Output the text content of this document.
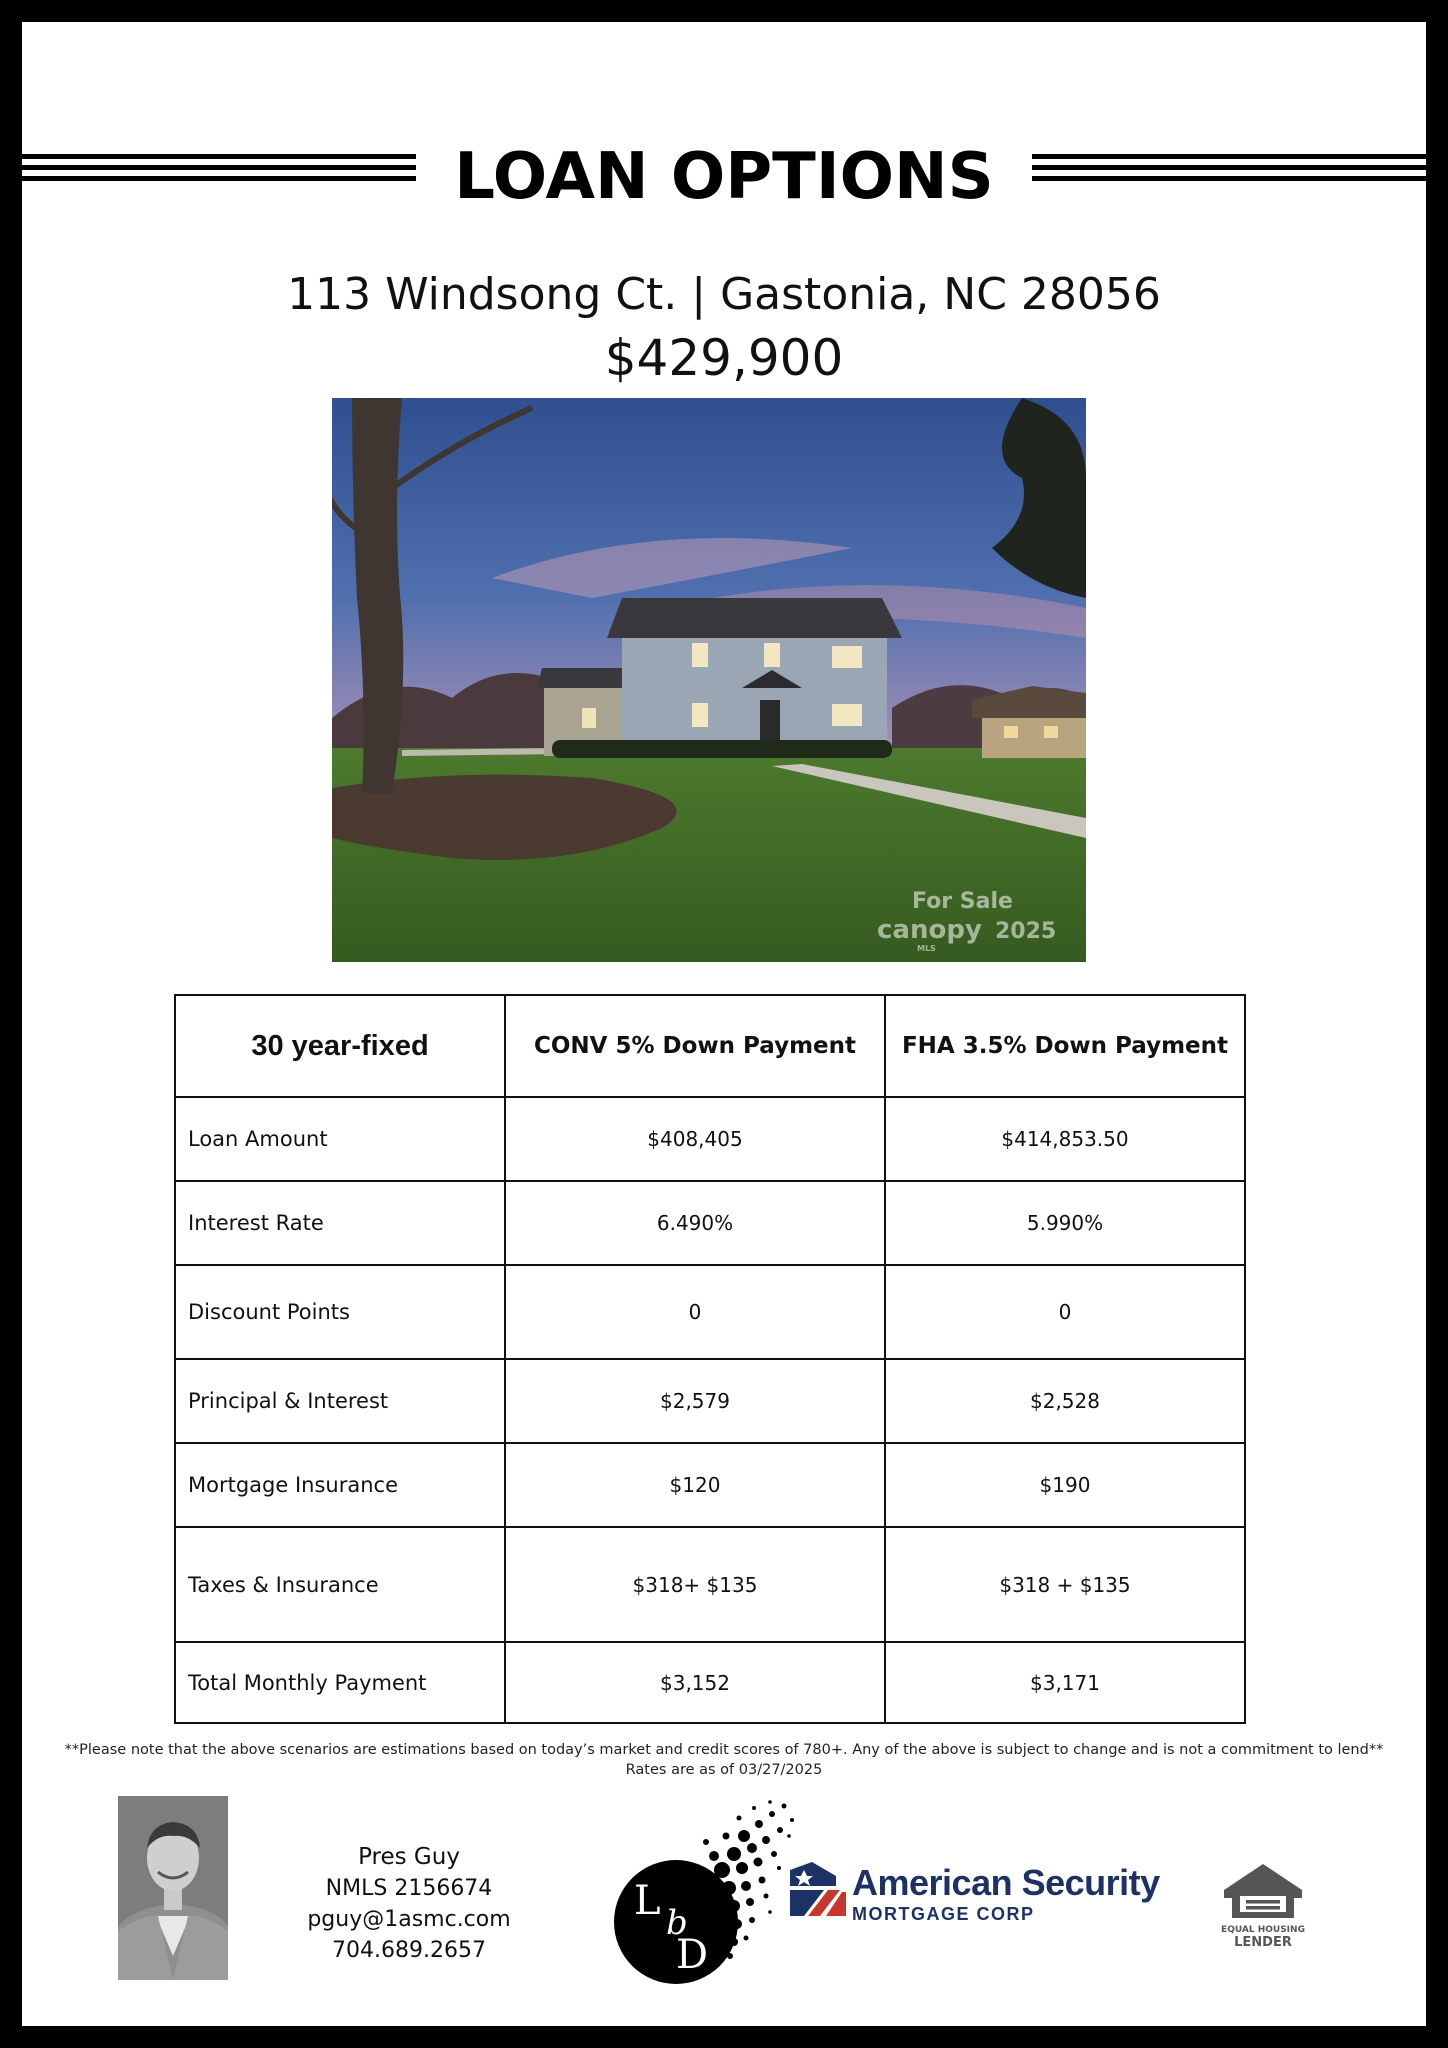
LOAN OPTIONS
113 Windsong Ct. | Gastonia, NC 28056
$429,900
For Sale
canopy
MLS
2025
30 year-fixed	CONV 5% Down Payment	FHA 3.5% Down Payment
Loan Amount	$408,405	$414,853.50
Interest Rate	6.490%	5.990%
Discount Points	0	0
Principal & Interest	$2,579	$2,528
Mortgage Insurance	$120	$190
Taxes & Insurance	$318+ $135	$318 + $135
Total Monthly Payment	$3,152	$3,171
**Please note that the above scenarios are estimations based on today’s market and credit scores of 780+. Any of the above is subject to change and is not a commitment to lend**
Rates are as of 03/27/2025
Pres Guy
NMLS 2156674
pguy@1asmc.com
704.689.2657
L b
D
American Security
MORTGAGE CORP
EQUAL HOUSING
LENDER
